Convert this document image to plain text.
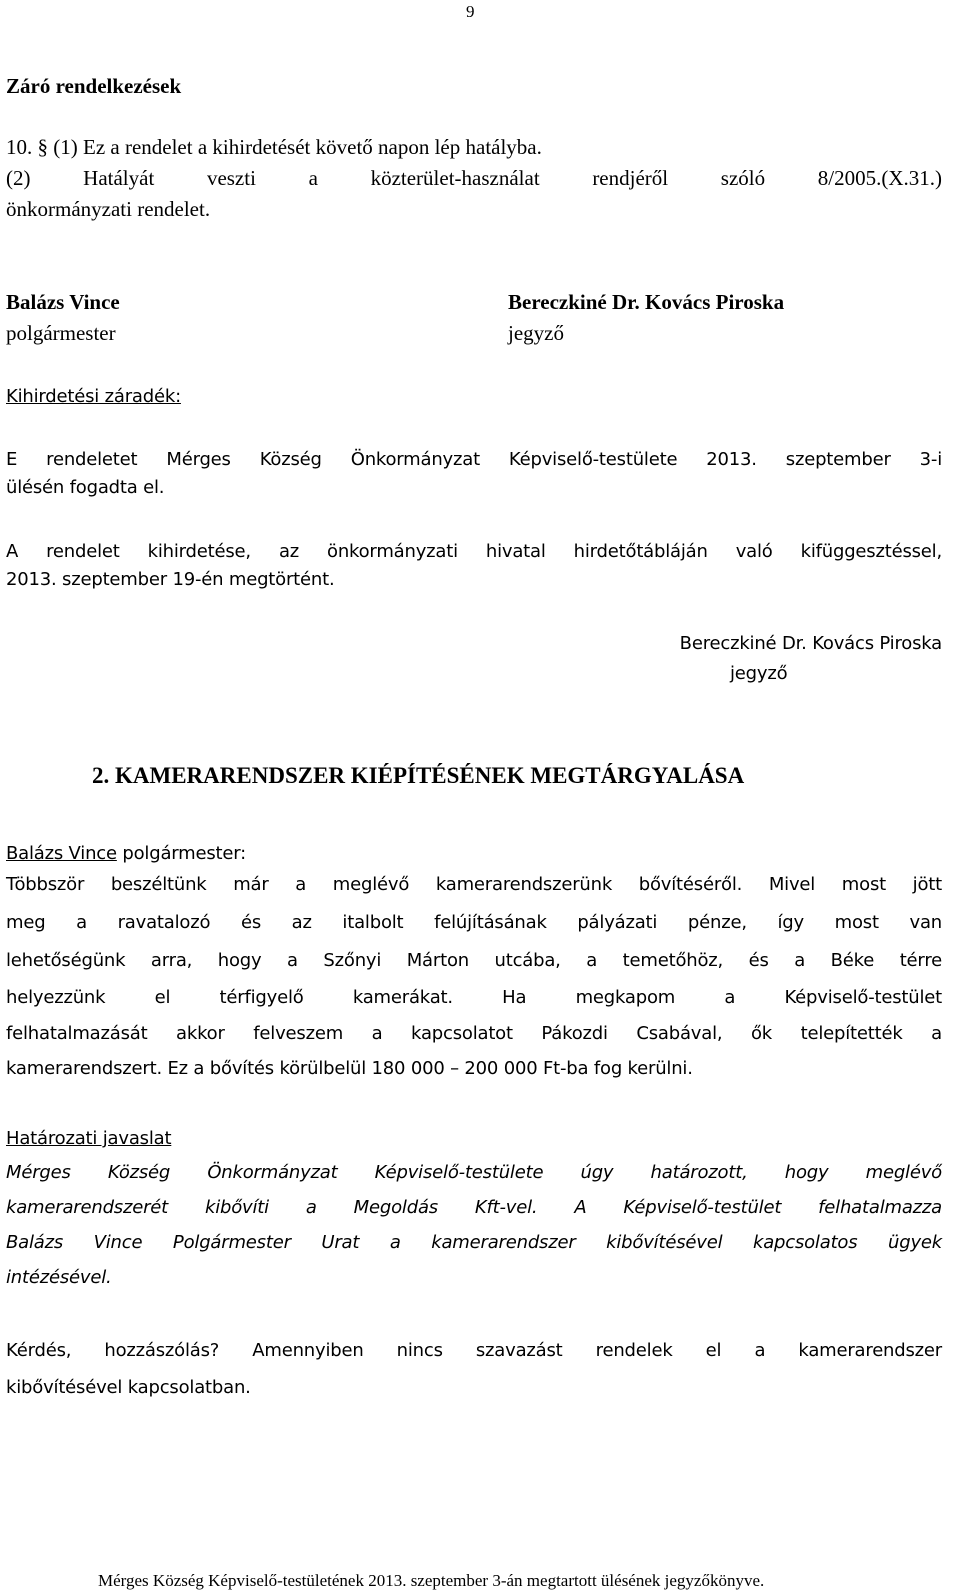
9
Záró rendelkezések
10. § (1) Ez a rendelet a kihirdetését követő napon lép hatályba.
(2) Hatályát veszti a közterület-használat rendjéről szóló 8/2005.(X.31.)
önkormányzati rendelet.
Balázs Vince
polgármester
Bereczkiné Dr. Kovács Piroska
jegyző
Kihirdetési záradék:
E rendeletet Mérges Község Önkormányzat Képviselő-testülete 2013. szeptember 3-i
ülésén fogadta el.
A rendelet kihirdetése, az önkormányzati hivatal hirdetőtábláján való kifüggesztéssel,
2013. szeptember 19-én megtörtént.
Bereczkiné Dr. Kovács Piroska
jegyző
2. KAMERARENDSZER KIÉPÍTÉSÉNEK MEGTÁRGYALÁSA
Balázs Vince polgármester:
Többször beszéltünk már a meglévő kamerarendszerünk bővítéséről. Mivel most jött
meg a ravatalozó és az italbolt felújításának pályázati pénze, így most van
lehetőségünk arra, hogy a Szőnyi Márton utcába, a temetőhöz, és a Béke térre
helyezzünk el térfigyelő kamerákat. Ha megkapom a Képviselő-testület
felhatalmazását akkor felveszem a kapcsolatot Pákozdi Csabával, ők telepítették a
kamerarendszert. Ez a bővítés körülbelül 180 000 – 200 000 Ft-ba fog kerülni.
Határozati javaslat
Mérges Község Önkormányzat Képviselő-testülete úgy határozott, hogy meglévő
kamerarendszerét kibővíti a Megoldás Kft-vel. A Képviselő-testület felhatalmazza
Balázs Vince Polgármester Urat a kamerarendszer kibővítésével kapcsolatos ügyek
intézésével.
Kérdés, hozzászólás? Amennyiben nincs szavazást rendelek el a kamerarendszer
kibővítésével kapcsolatban.
Mérges Község Képviselő-testületének 2013. szeptember 3-án megtartott ülésének jegyzőkönyve.
